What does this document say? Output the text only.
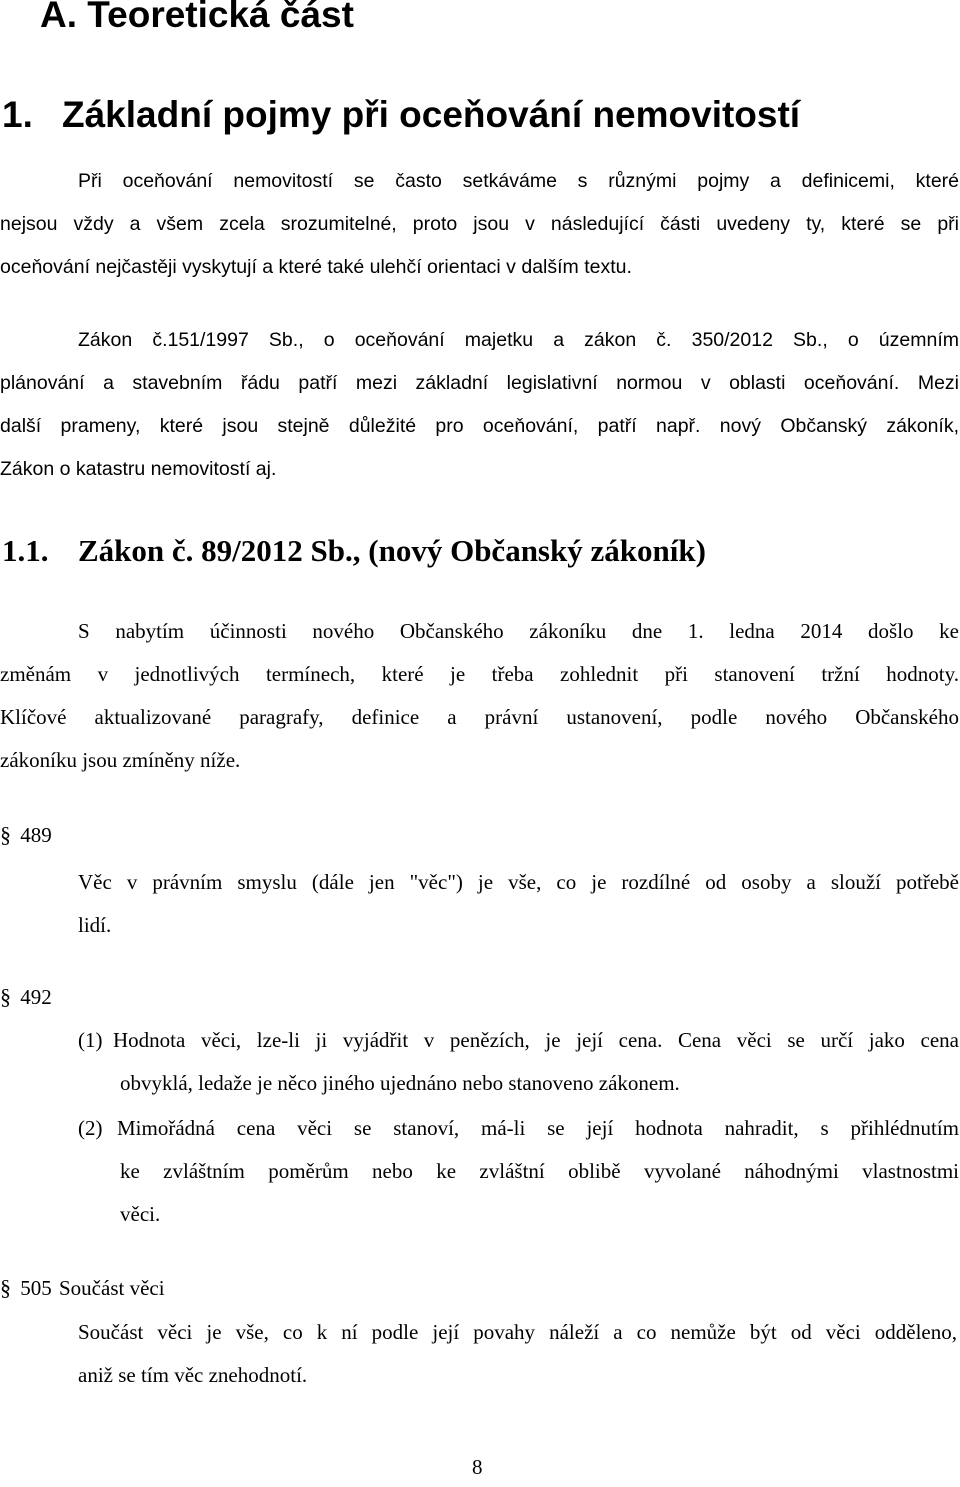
A. Teoretická část
1. Základní pojmy při oceňování nemovitostí
Při oceňování nemovitostí se často setkáváme s různými pojmy a definicemi, které
nejsou vždy a všem zcela srozumitelné, proto jsou v následující části uvedeny ty, které se při
oceňování nejčastěji vyskytují a které také ulehčí orientaci v dalším textu.
Zákon č.151/1997 Sb., o oceňování majetku a zákon č. 350/2012 Sb., o územním
plánování a stavebním řádu patří mezi základní legislativní normou v oblasti oceňování. Mezi
další prameny, které jsou stejně důležité pro oceňování, patří např. nový Občanský zákoník,
Zákon o katastru nemovitostí aj.
1.1. Zákon č. 89/2012 Sb., (nový Občanský zákoník)
S nabytím účinnosti nového Občanského zákoníku dne 1. ledna 2014 došlo ke
změnám v jednotlivých termínech, které je třeba zohlednit při stanovení tržní hodnoty.
Klíčové aktualizované paragrafy, definice a právní ustanovení, podle nového Občanského
zákoníku jsou zmíněny níže.
§ 489
Věc v právním smyslu (dále jen "věc") je vše, co je rozdílné od osoby a slouží potřebě
lidí.
§ 492
(1) Hodnota věci, lze-li ji vyjádřit v penězích, je její cena. Cena věci se určí jako cena
obvyklá, ledaže je něco jiného ujednáno nebo stanoveno zákonem.
(2) Mimořádná cena věci se stanoví, má-li se její hodnota nahradit, s přihlédnutím
ke zvláštním poměrům nebo ke zvláštní oblibě vyvolané náhodnými vlastnostmi
věci.
§ 505 Součást věci
Součást věci je vše, co k ní podle její povahy náleží a co nemůže být od věci odděleno,
aniž se tím věc znehodnotí.
8
